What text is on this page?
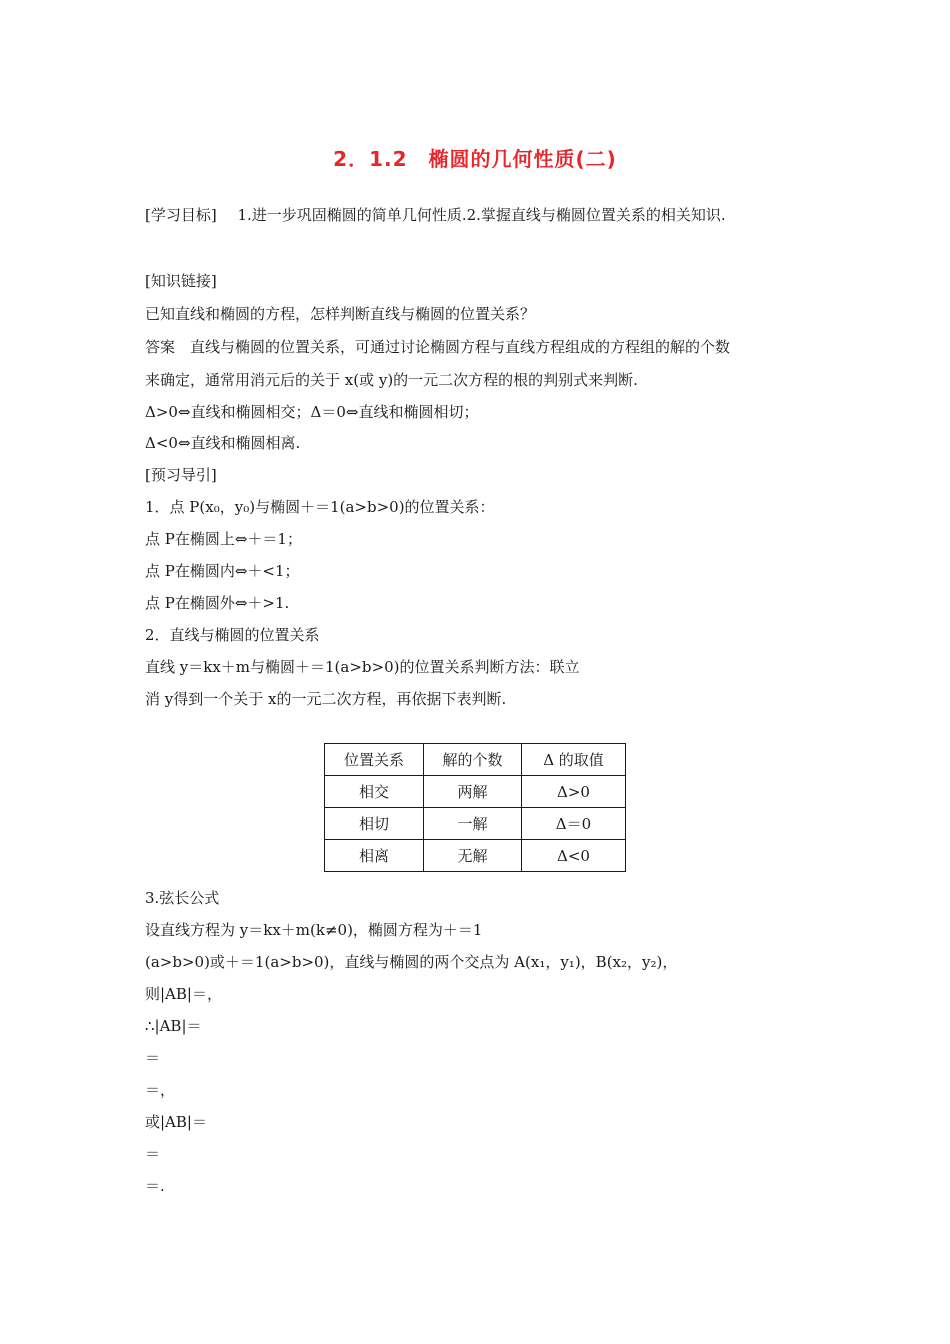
2．1.2　椭圆的几何性质(二)
[学习目标] 1.进一步巩固椭圆的简单几何性质.2.掌握直线与椭圆位置关系的相关知识.
[知识链接]
已知直线和椭圆的方程，怎样判断直线与椭圆的位置关系？
答案　直线与椭圆的位置关系，可通过讨论椭圆方程与直线方程组成的方程组的解的个数
来确定，通常用消元后的关于 x(或 y)的一元二次方程的根的判别式来判断.
Δ>0⇔直线和椭圆相交；Δ＝0⇔直线和椭圆相切；
Δ<0⇔直线和椭圆相离.
[预习导引]
1．点 P(x₀，y₀)与椭圆＋＝1(a>b>0)的位置关系：
点 P在椭圆上⇔＋＝1；
点 P在椭圆内⇔＋<1；
点 P在椭圆外⇔＋>1.
2．直线与椭圆的位置关系
直线 y＝kx＋m与椭圆＋＝1(a>b>0)的位置关系判断方法：联立
消 y得到一个关于 x的一元二次方程，再依据下表判断.
位置关系	解的个数	Δ 的取值
相交	两解	Δ>0
相切	一解	Δ＝0
相离	无解	Δ<0
3.弦长公式
设直线方程为 y＝kx＋m(k≠0)，椭圆方程为＋＝1
(a>b>0)或＋＝1(a>b>0)，直线与椭圆的两个交点为 A(x₁，y₁)，B(x₂，y₂)，
则|AB|＝，
∴|AB|＝
＝
＝，
或|AB|＝
＝
＝.
